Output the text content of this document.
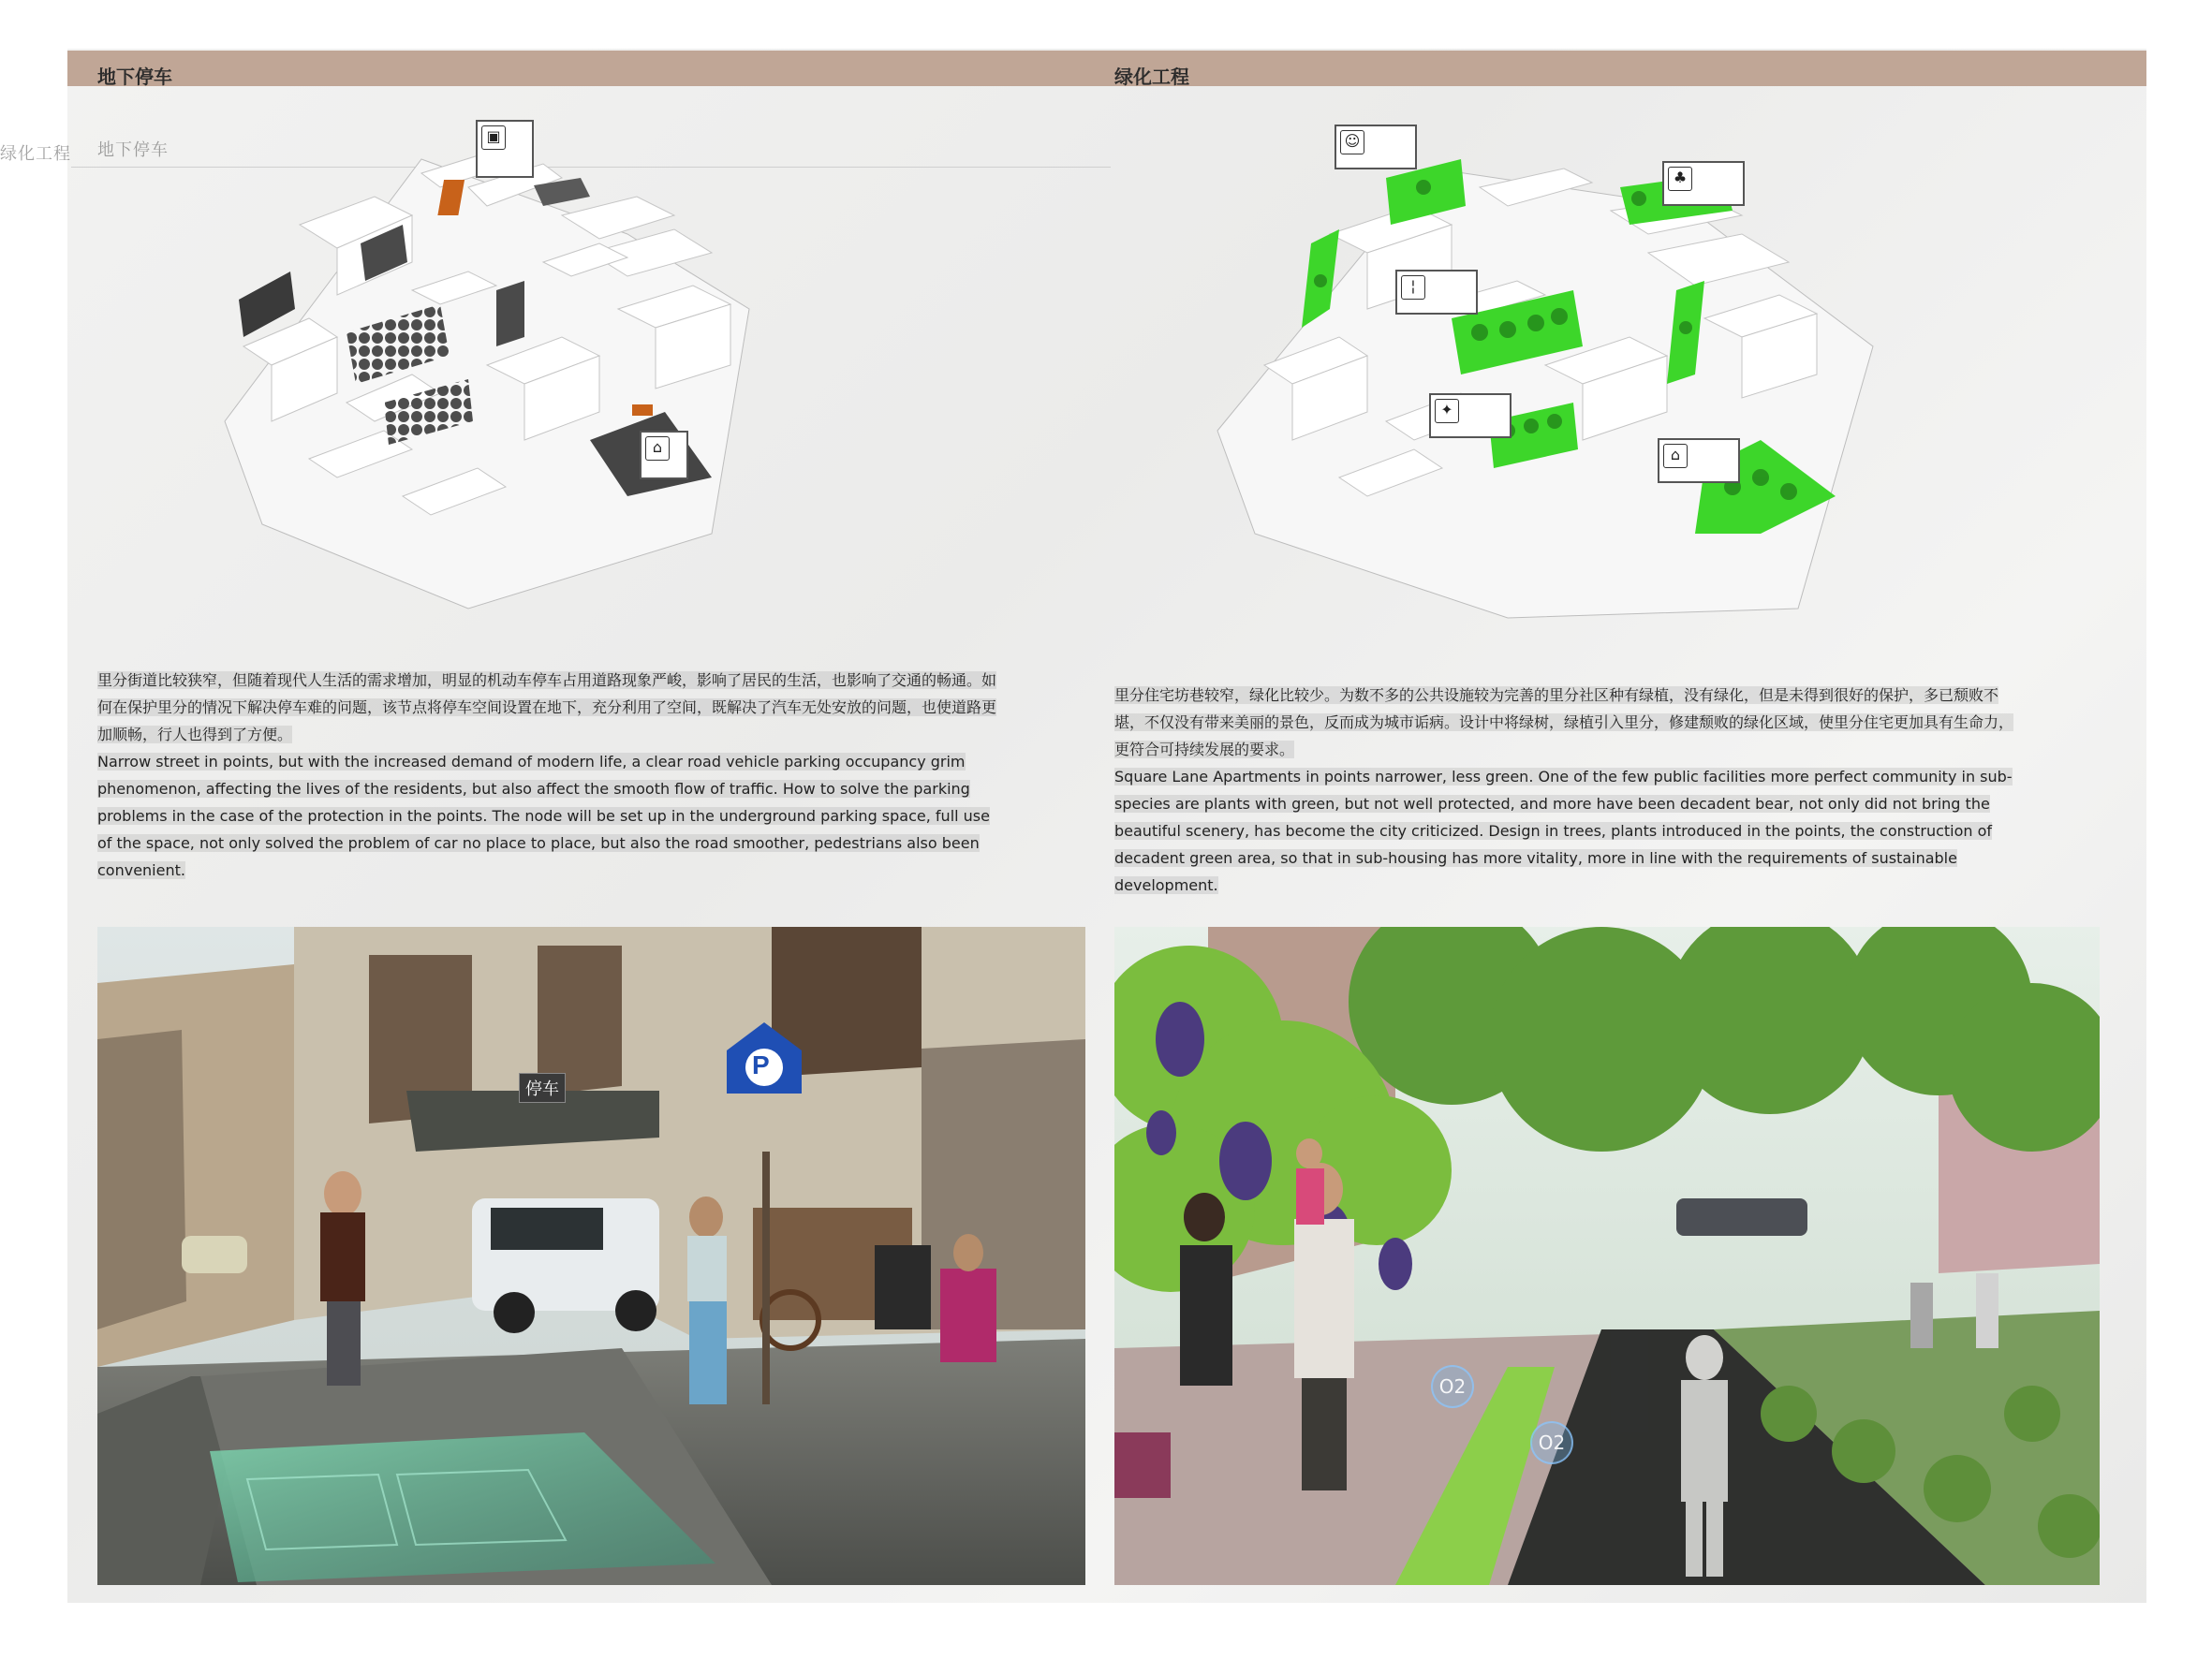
地下停车	绿化工程
绿化工程 地下停车
▣
⌂
☺
♣
¦
✦
⌂

里分街道比较狭窄，但随着现代人生活的需求增加，明显的机动车停车占用道路现象严峻，影响了居民的生活，也影响了交通的畅通。如何在保护里分的情况下解决停车难的问题，该节点将停车空间设置在地下，充分利用了空间，既解决了汽车无处安放的问题，也使道路更加顺畅，行人也得到了方便。

Narrow street in points, but with the increased demand of modern life, a clear road vehicle parking occupancy grim phenomenon, affecting the lives of the residents, but also affect the smooth flow of traffic. How to solve the parking problems in the case of the protection in the points. The node will be set up in the underground parking space, full use of the space, not only solved the problem of car no place to place, but also the road smoother, pedestrians also been convenient.

里分住宅坊巷较窄，绿化比较少。为数不多的公共设施较为完善的里分社区种有绿植，没有绿化，但是未得到很好的保护，多已颓败不堪，不仅没有带来美丽的景色，反而成为城市诟病。设计中将绿树，绿植引入里分，修建颓败的绿化区域，使里分住宅更加具有生命力，更符合可持续发展的要求。

Square Lane Apartments in points narrower, less green. One of the few public facilities more perfect community in sub-species are plants with green, but not well protected, and more have been decadent bear, not only did not bring the beautiful scenery, has become the city criticized. Design in trees, plants introduced in the points, the construction of decadent green area, so that in sub-housing has more vitality, more in line with the requirements of sustainable development.

P
停车
O2
O2
